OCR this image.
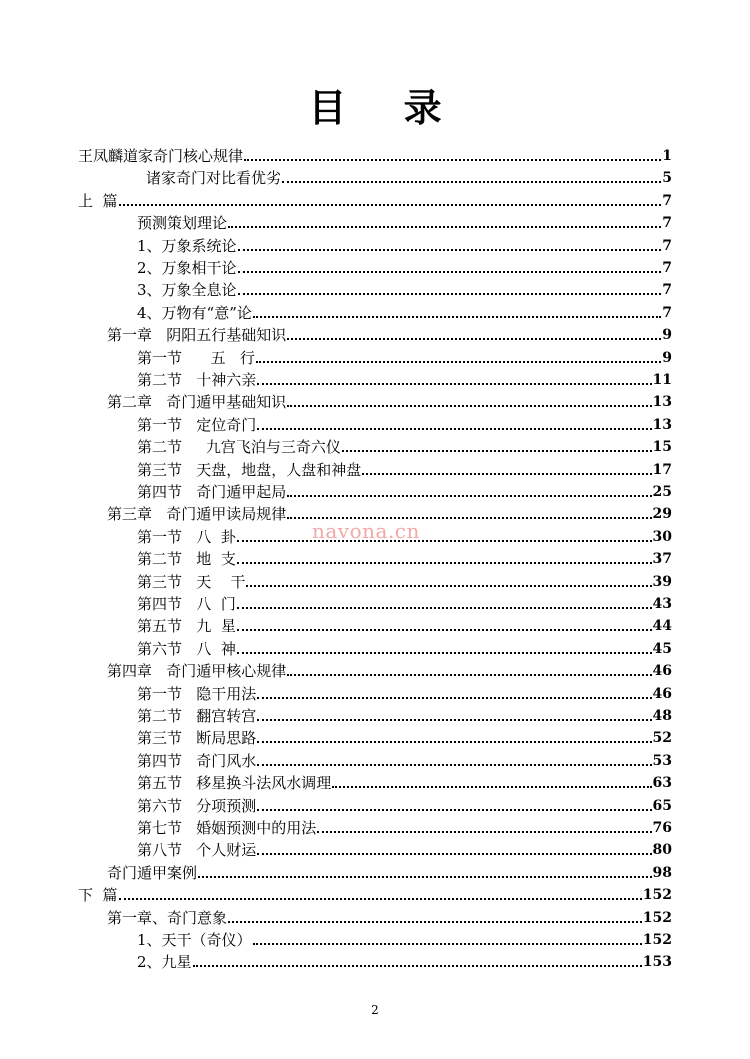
目 录
王凤麟道家奇门核心规律	1
诸家奇门对比看优劣	5
上  篇	7
预测策划理论	7
1、万象系统论	7
2、万象相干论	7
3、万象全息论	7
4、万物有“意”论	7
第一章   阴阳五行基础知识	9
第一节      五   行	9
第二节   十神六亲	11
第二章   奇门遁甲基础知识	13
第一节   定位奇门	13
第二节     九宫飞泊与三奇六仪	15
第三节   天盘，地盘，人盘和神盘	17
第四节   奇门遁甲起局	25
第三章   奇门遁甲读局规律	29
第一节   八  卦	30
第二节   地  支	37
第三节   天    干	39
第四节   八  门	43
第五节   九  星	44
第六节   八  神	45
第四章   奇门遁甲核心规律	46
第一节   隐干用法	46
第二节   翻宫转宫	48
第三节   断局思路	52
第四节   奇门风水	53
第五节   移星换斗法风水调理	63
第六节   分项预测	65
第七节   婚姻预测中的用法	76
第八节   个人财运	80
奇门遁甲案例	98
下  篇	152
第一章、奇门意象	152
1、天干（奇仪）	152
2、九星	153
navona.cn
2
